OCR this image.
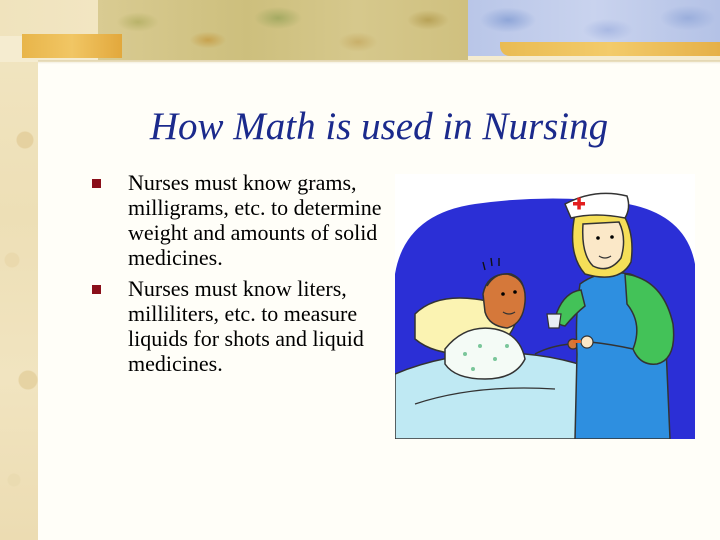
How Math is used in Nursing
Nurses must know grams, milligrams, etc. to determine weight and amounts of solid medicines.
Nurses must know liters, milliliters, etc. to measure liquids for shots and liquid medicines.
